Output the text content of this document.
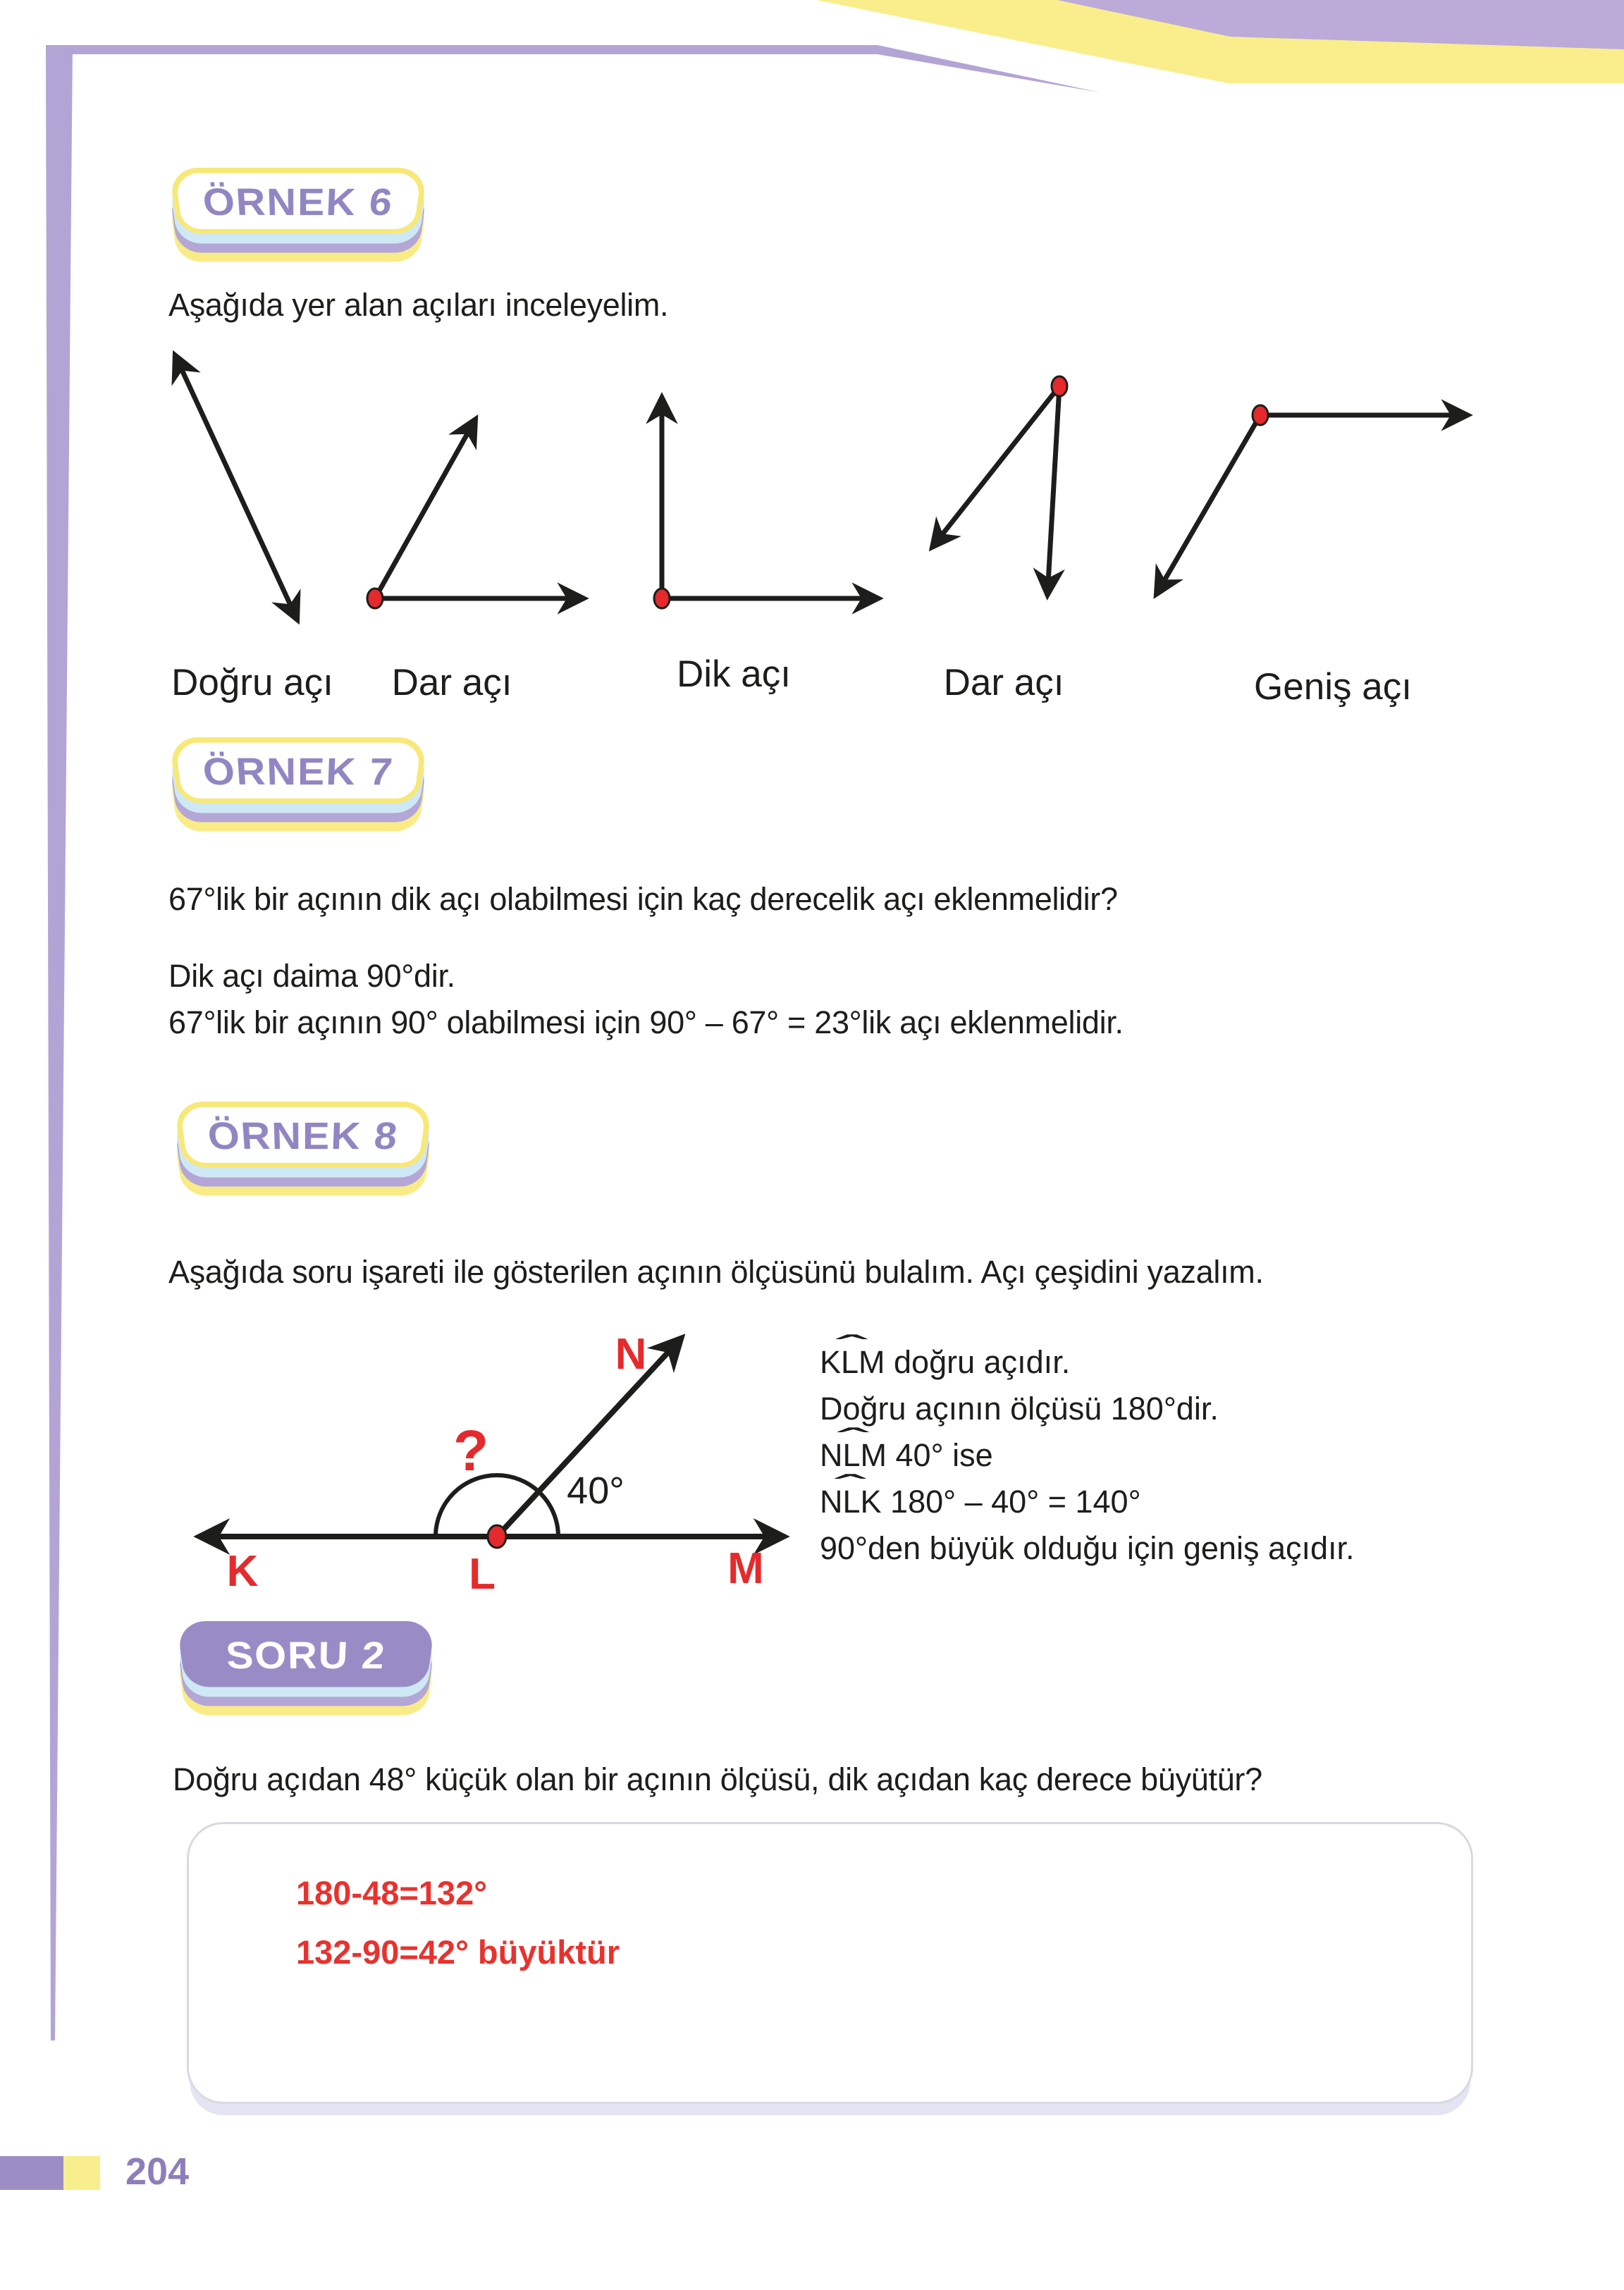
ÖRNEK 6
Aşağıda yer alan açıları inceleyelim.
Doğru açı Dar açı	Dik açı	Dar açı	Geniş açı
ÖRNEK 7
67°lik bir açının dik açı olabilmesi için kaç derecelik açı eklenmelidir?
Dik açı daima 90°dir.
67°lik bir açının 90° olabilmesi için 90° – 67° = 23°lik açı eklenmelidir.
ÖRNEK 8
Aşağıda soru işareti ile gösterilen açının ölçüsünü bulalım. Açı çeşidini yazalım.
K	L	M
N
?
40°
ˆ KLM doğru açıdır.
Doğru açının ölçüsü 180°dir.
ˆ NLM 40° ise
ˆ NLK 180° – 40° = 140°
90°den büyük olduğu için geniş açıdır.
SORU 2
Doğru açıdan 48° küçük olan bir açının ölçüsü, dik açıdan kaç derece büyütür?
180-48=132°
132-90=42° büyüktür
204
